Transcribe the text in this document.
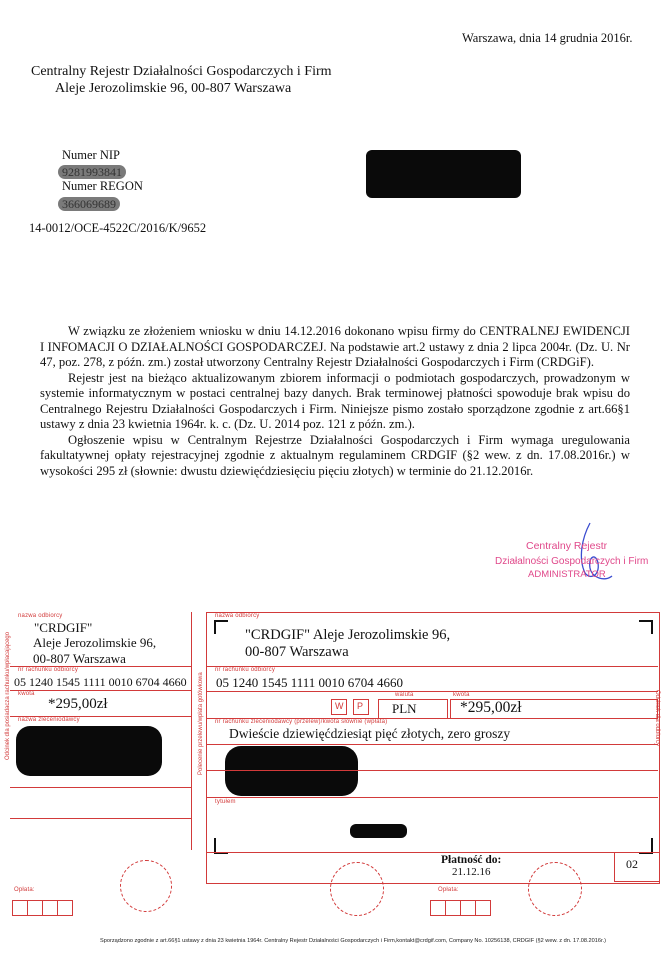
Warszawa, dnia 14 grudnia 2016r.
Centralny Rejestr Działalności Gospodarczych i Firm
Aleje Jerozolimskie 96, 00-807 Warszawa
Numer NIP
9281993841
Numer REGON
366069689
14-0012/OCE-4522C/2016/K/9652

W związku ze złożeniem wniosku w dniu 14.12.2016 dokonano wpisu firmy do CENTRALNEJ EWIDENCJI I INFOMACJI O DZIAŁALNOŚCI GOSPODARCZEJ. Na podstawie art.2 ustawy z dnia 2 lipca 2004r. (Dz. U. Nr 47, poz. 278, z późn. zm.) został utworzony Centralny Rejestr Działalności Gospodarczych i Firm (CRDGiF).

Rejestr jest na bieżąco aktualizowanym zbiorem informacji o podmiotach gospodarczych, prowadzonym w systemie informatycznym w postaci centralnej bazy danych. Brak terminowej płatności spowoduje brak wpisu do Centralnego Rejestru Działalności Gospodarczych i Firm. Niniejsze pismo zostało sporządzone zgodnie z art.66§1 ustawy z dnia 23 kwietnia 1964r. k. c. (Dz. U. 2014 poz. 121 z późn. zm.).

Ogłoszenie wpisu w Centralnym Rejestrze Działalności Gospodarczych i Firm wymaga uregulowania fakultatywnej opłaty rejestracyjnej zgodnie z aktualnym regulaminem CRDGIF (§2 wew. z dn. 17.08.2016r.) w wysokości 295 zł (słownie: dwustu dziewięćdziesięciu pięciu złotych) w terminie do 21.12.2016r.

Centralny Rejestr
Działalności Gospodarczych i Firm
ADMINISTRATOR
Odcinek dla posiadacza rachunku/wpłacającego
nazwa odbiorcy
"CRDGIF"
Aleje Jerozolimskie 96,
00-807 Warszawa
nr rachunku odbiorcy
05 1240 1545 1111 0010 6704 4660
kwota
*295,00zł
nazwa zleceniodawcy
Opłata:
Polecenie przelewu/wpłata gotówkowa	Odcinek dla odbiorcy
nazwa odbiorcy
"CRDGIF" Aleje Jerozolimskie 96,
00-807 Warszawa
nr rachunku odbiorcy
05 1240 1545 1111 0010 6704 4660
waluta	kwota
W P PLN	*295,00zł
nr rachunku zleceniodawcy (przelew)/kwota słownie (wpłata)
Dwieście dziewięćdziesiąt pięć złotych, zero groszy
tytułem
Płatność do:
21.12.16
02
Opłata:
Sporządzono zgodnie z art.66§1 ustawy z dnia 23 kwietnia 1964r. Centralny Rejestr Działalności Gospodarczych i Firm,kontakt@crdgif.com, Company No. 10256138, CRDGIF (§2 wew. z dn. 17.08.2016r.)
